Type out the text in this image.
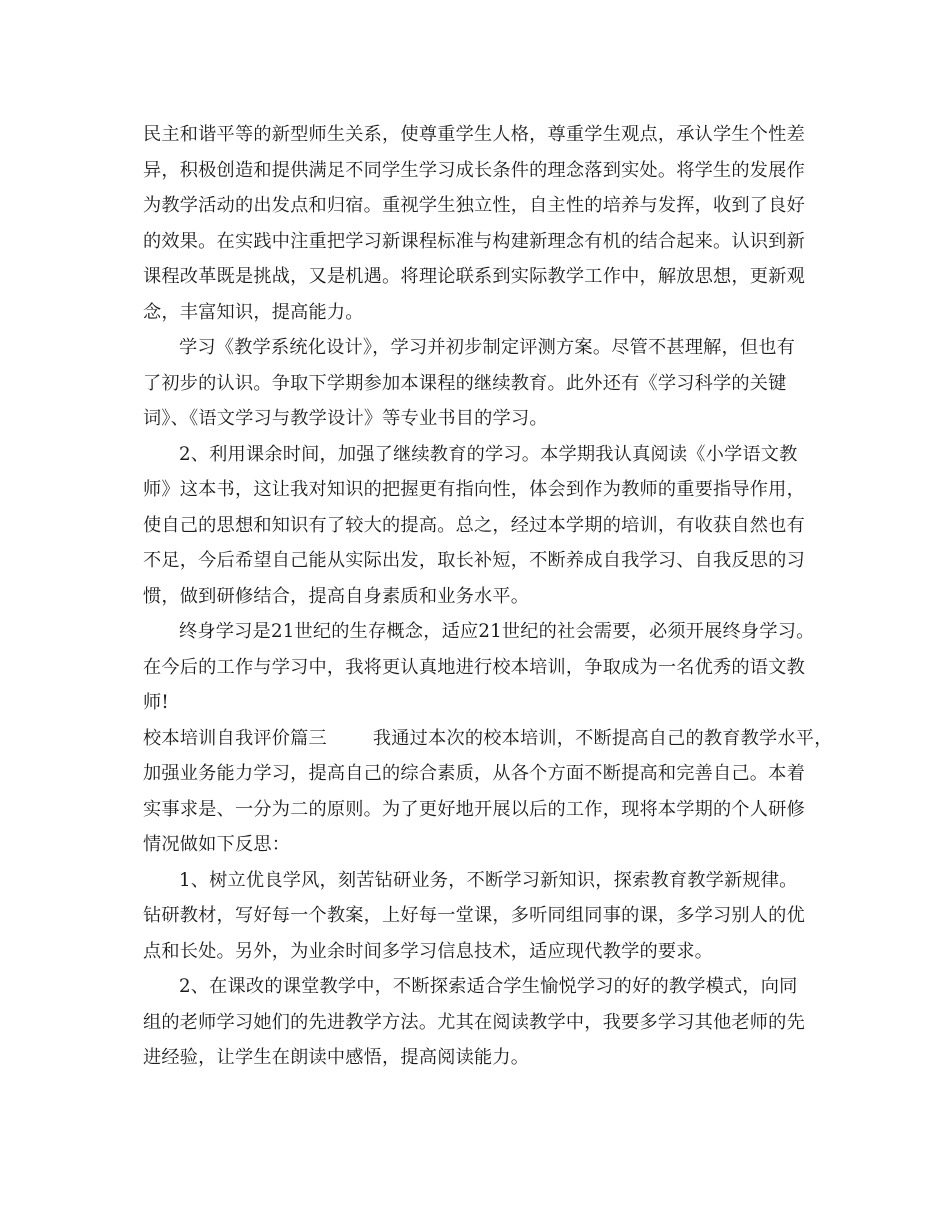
民主和谐平等的新型师生关系，使尊重学生人格，尊重学生观点，承认学生个性差
异，积极创造和提供满足不同学生学习成长条件的理念落到实处。将学生的发展作
为教学活动的出发点和归宿。重视学生独立性，自主性的培养与发挥，收到了良好
的效果。在实践中注重把学习新课程标准与构建新理念有机的结合起来。认识到新
课程改革既是挑战，又是机遇。将理论联系到实际教学工作中，解放思想，更新观
念，丰富知识，提高能力。
学习《教学系统化设计》，学习并初步制定评测方案。尽管不甚理解，但也有
了初步的认识。争取下学期参加本课程的继续教育。此外还有《学习科学的关键
词》、《语文学习与教学设计》等专业书目的学习。
2、利用课余时间，加强了继续教育的学习。本学期我认真阅读《小学语文教
师》这本书，这让我对知识的把握更有指向性，体会到作为教师的重要指导作用，
使自己的思想和知识有了较大的提高。总之，经过本学期的培训，有收获自然也有
不足，今后希望自己能从实际出发，取长补短，不断养成自我学习、自我反思的习
惯，做到研修结合，提高自身素质和业务水平。
终身学习是21世纪的生存概念，适应21世纪的社会需要，必须开展终身学习。
在今后的工作与学习中，我将更认真地进行校本培训，争取成为一名优秀的语文教
师!
校本培训自我评价篇三	我通过本次的校本培训，不断提高自己的教育教学水平，
加强业务能力学习，提高自己的综合素质，从各个方面不断提高和完善自己。本着
实事求是、一分为二的原则。为了更好地开展以后的工作，现将本学期的个人研修
情况做如下反思：
1、树立优良学风，刻苦钻研业务，不断学习新知识，探索教育教学新规律。
钻研教材，写好每一个教案，上好每一堂课，多听同组同事的课，多学习别人的优
点和长处。另外，为业余时间多学习信息技术，适应现代教学的要求。
2、在课改的课堂教学中，不断探索适合学生愉悦学习的好的教学模式，向同
组的老师学习她们的先进教学方法。尤其在阅读教学中，我要多学习其他老师的先
进经验，让学生在朗读中感悟，提高阅读能力。
